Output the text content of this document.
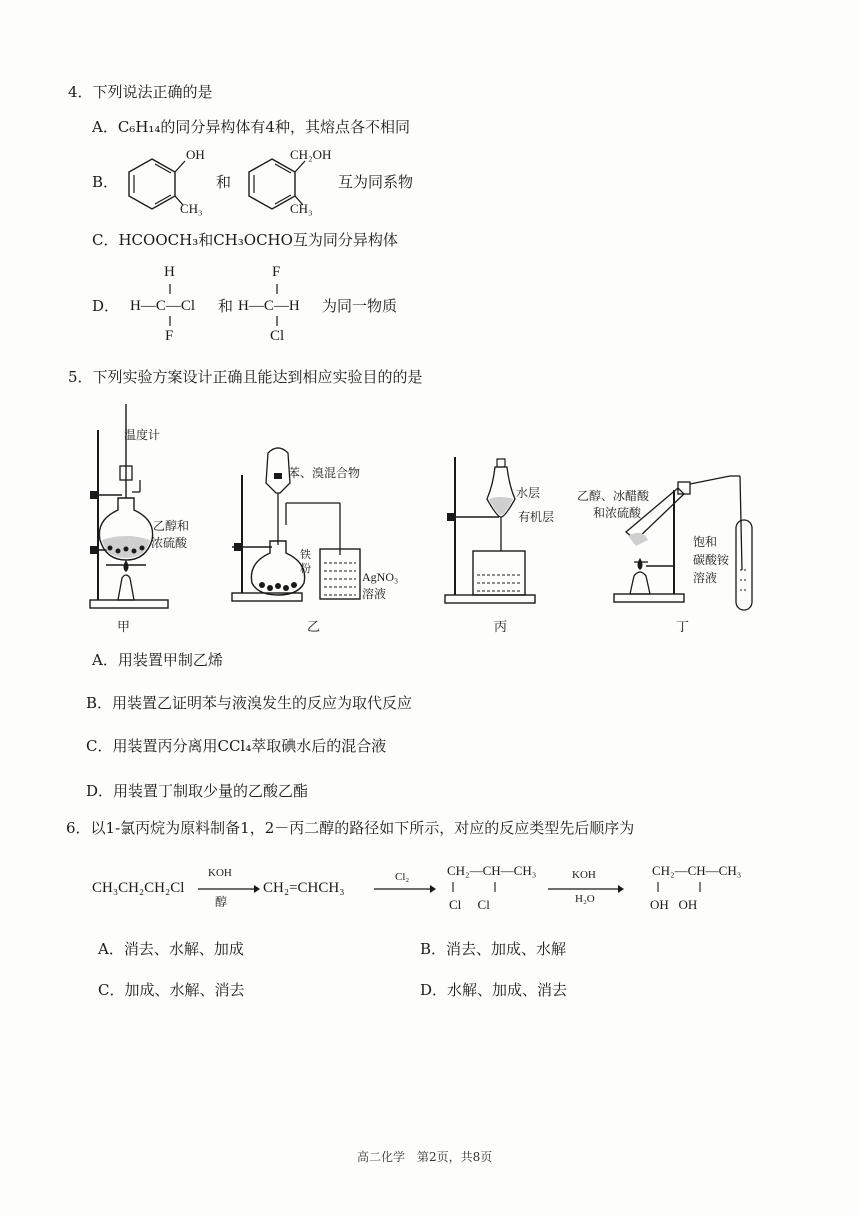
4．下列说法正确的是
A．C₆H₁₄的同分异构体有4种，其熔点各不相同
B．
OH
CH₃
和
CH₂OH
CH₃
互为同系物
C．HCOOCH₃和CH₃OCHO互为同分异构体
D．
H
H—C—Cl
F
和
F
H—C—H
Cl
为同一物质
5．下列实验方案设计正确且能达到相应实验目的的是
温度计
乙醇和
浓硫酸
甲
苯、溴混合物
铁
粉
AgNO₃
溶液
乙
水层
有机层
丙
乙醇、冰醋酸
和浓硫酸
饱和
碳酸铵
溶液
丁
A．用装置甲制乙烯
B．用装置乙证明苯与液溴发生的反应为取代反应
C．用装置丙分离用CCl₄萃取碘水后的混合液
D．用装置丁制取少量的乙酸乙酯
6．以1-氯丙烷为原料制备1，2－丙二醇的路径如下所示，对应的反应类型先后顺序为
CH₃CH₂CH₂Cl
KOH
醇
CH₂=CHCH₃
Cl₂	CH₂—CH—CH₃
Cl     Cl
KOH
H₂O
CH₂—CH—CH₃
OH   OH
A．消去、水解、加成	B．消去、加成、水解
C．加成、水解、消去	D．水解、加成、消去
高二化学　第2页，共8页
